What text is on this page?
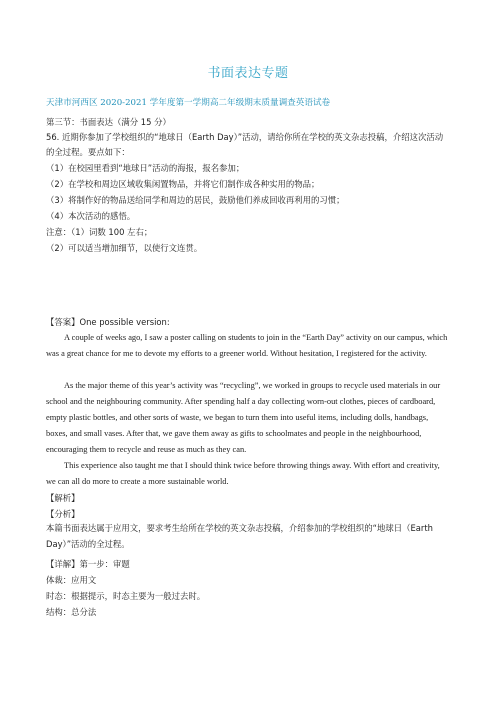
书面表达专题
天津市河西区 2020-2021 学年度第一学期高二年级期末质量调查英语试卷
第三节：书面表达（满分 15 分）
56. 近期你参加了学校组织的“地球日（Earth Day）”活动，请给你所在学校的英文杂志投稿，介绍这次活动
的全过程。要点如下：
（1）在校园里看到“地球日”活动的海报，报名参加；
（2）在学校和周边区域收集闲置物品，并将它们制作成各种实用的物品；
（3）将制作好的物品送给同学和周边的居民，鼓励他们养成回收再利用的习惯；
（4）本次活动的感悟。
注意：（1）词数 100 左右；
（2）可以适当增加细节，以使行文连贯。
【答案】One possible version:
A couple of weeks ago, I saw a poster calling on students to join in the “Earth Day” activity on our campus, which was a great chance for me to devote my efforts to a greener world. Without hesitation, I registered for the activity.
As the major theme of this year’s activity was “recycling”, we worked in groups to recycle used materials in our school and the neighbouring community. After spending half a day collecting worn-out clothes, pieces of cardboard, empty plastic bottles, and other sorts of waste, we began to turn them into useful items, including dolls, handbags, boxes, and small vases. After that, we gave them away as gifts to schoolmates and people in the neighbourhood, encouraging them to recycle and reuse as much as they can.
This experience also taught me that I should think twice before throwing things away. With effort and creativity, we can all do more to create a more sustainable world.
【解析】
【分析】
本篇书面表达属于应用文，要求考生给所在学校的英文杂志投稿，介绍参加的学校组织的“地球日（Earth Day）”活动的全过程。
【详解】第一步：审题
体裁：应用文
时态：根据提示，时态主要为一般过去时。
结构：总分法
